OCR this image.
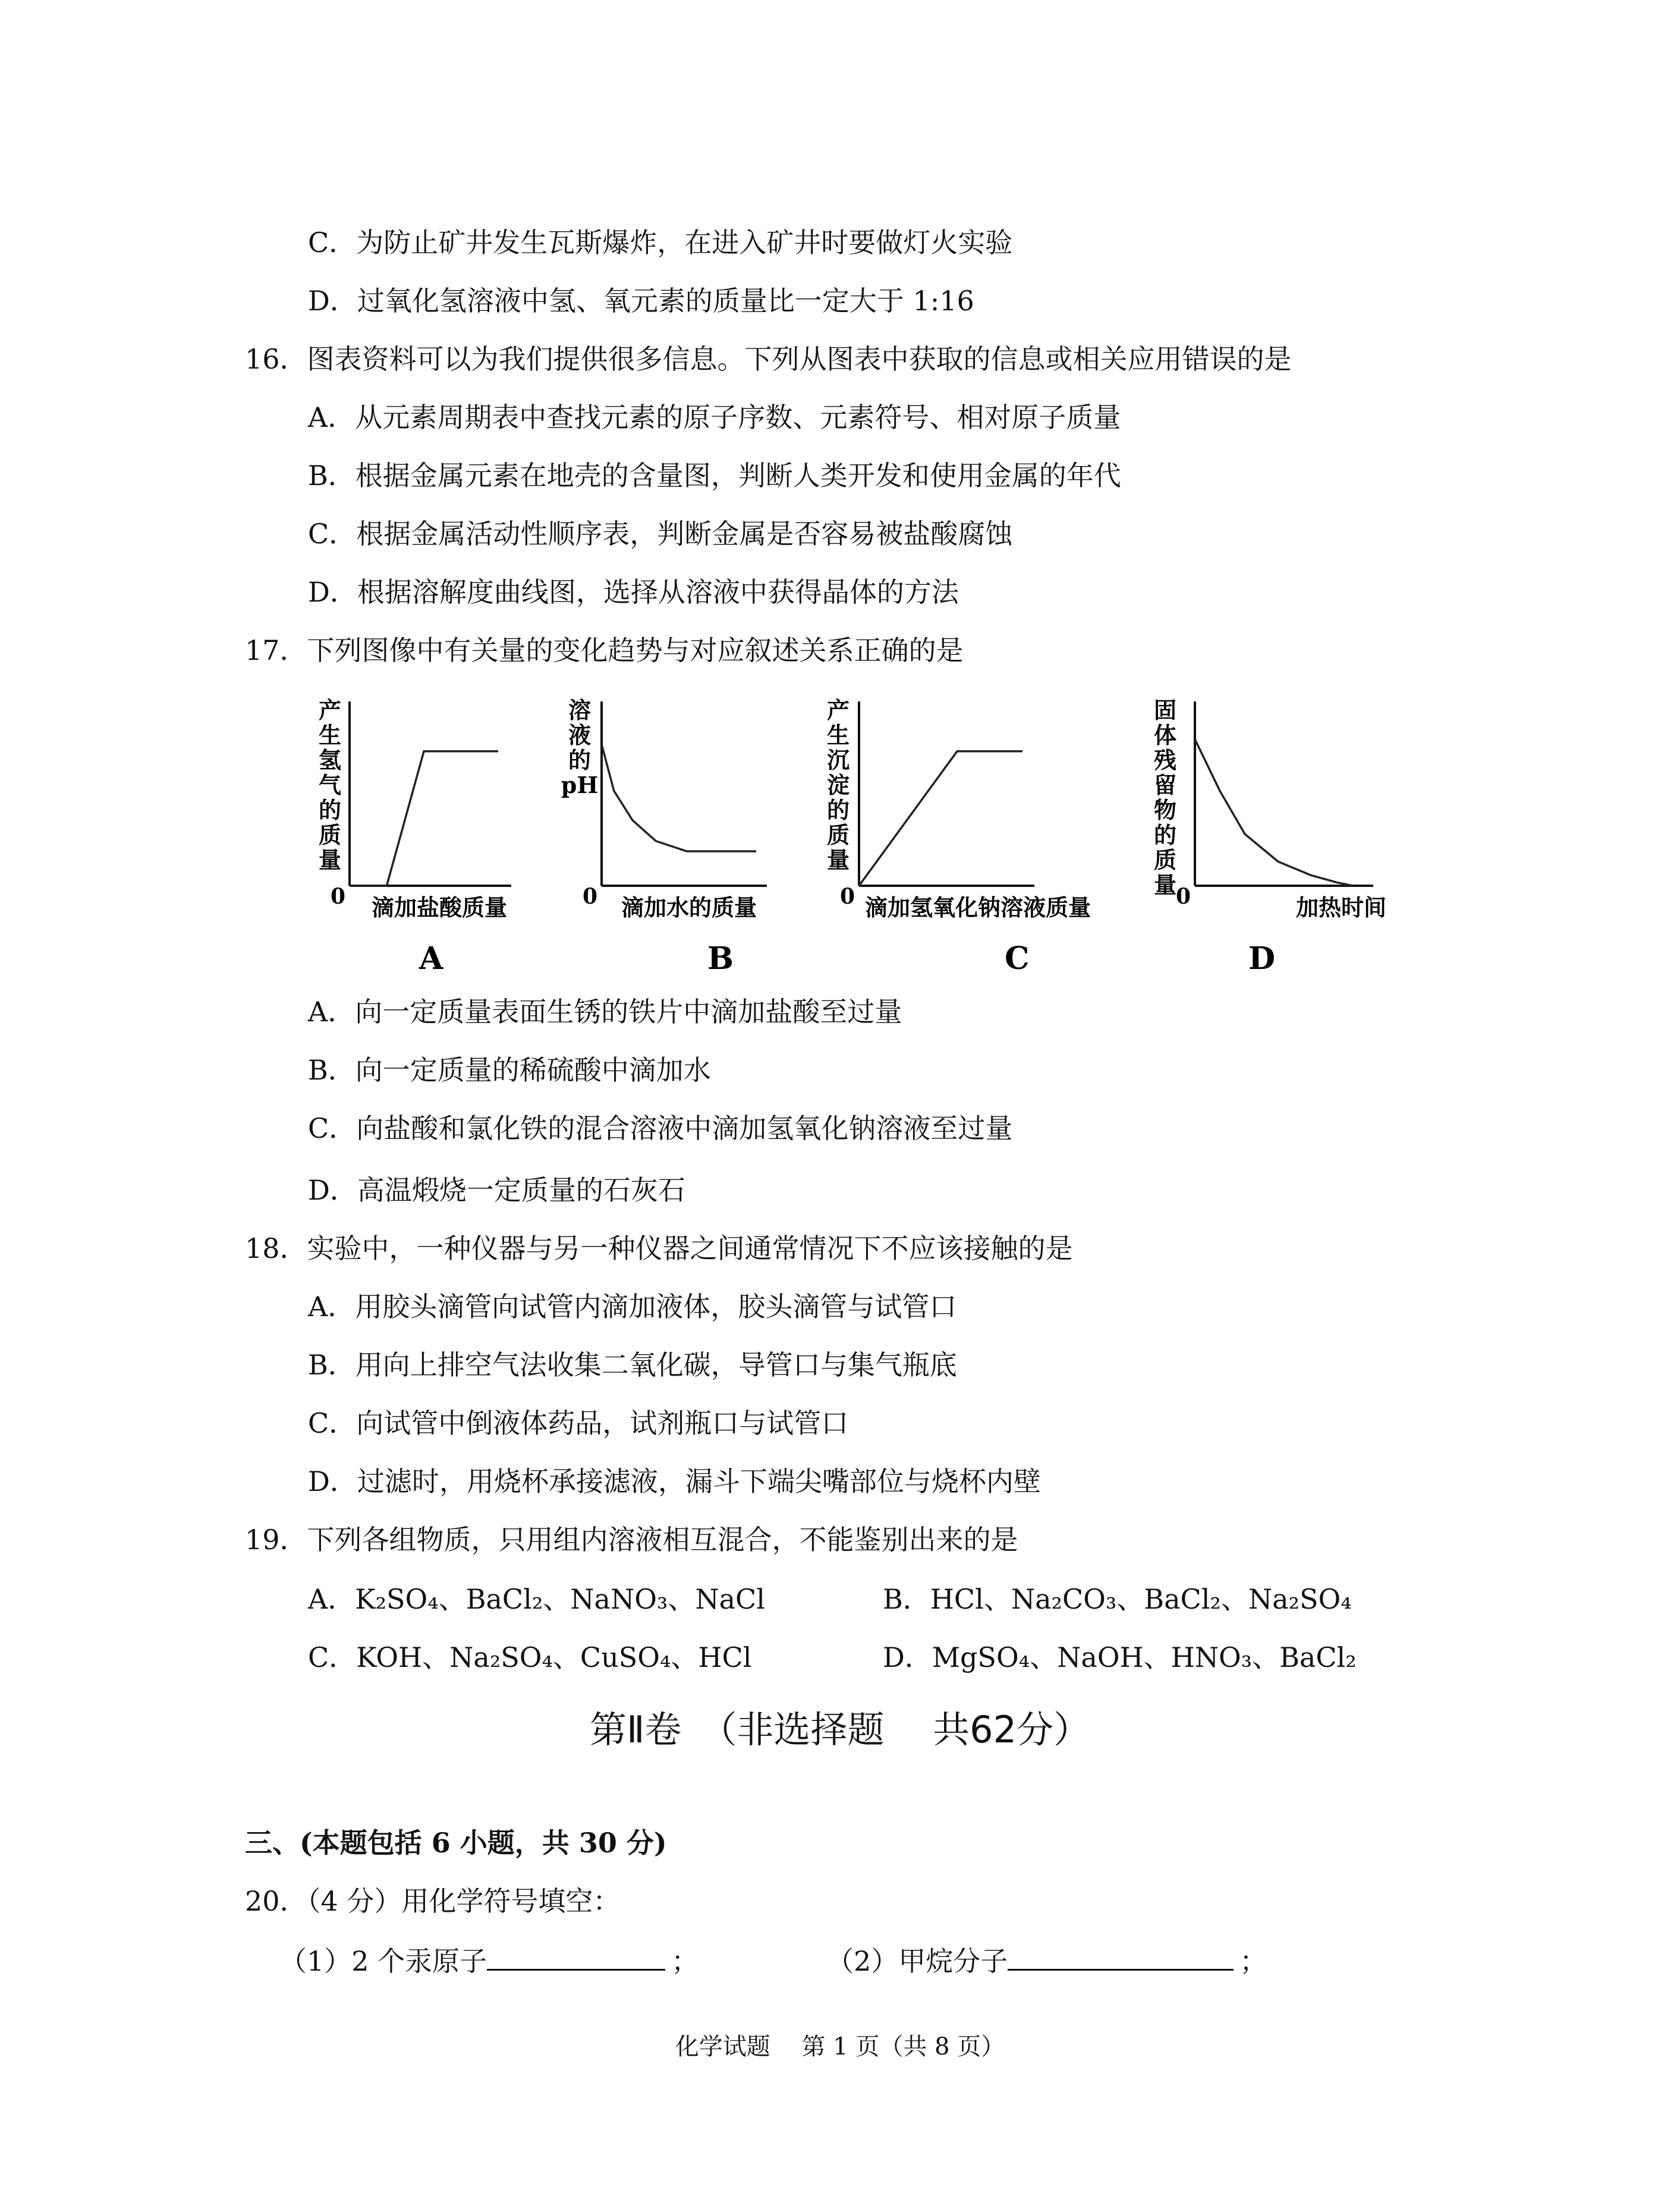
C．为防止矿井发生瓦斯爆炸，在进入矿井时要做灯火实验
D．过氧化氢溶液中氢、氧元素的质量比一定大于 1:16
16．图表资料可以为我们提供很多信息。下列从图表中获取的信息或相关应用错误的是
A．从元素周期表中查找元素的原子序数、元素符号、相对原子质量
B．根据金属元素在地壳的含量图，判断人类开发和使用金属的年代
C．根据金属活动性顺序表，判断金属是否容易被盐酸腐蚀
D．根据溶解度曲线图，选择从溶液中获得晶体的方法
17．下列图像中有关量的变化趋势与对应叙述关系正确的是
产
生
氢
气
的
质
量
0 滴加盐酸质量
A
溶
液
的
pH
0 滴加水的质量
B
产
生
沉
淀
的
质
量
0 滴加氢氧化钠溶液质量
C
固
体
残
留
物
的
质
量
0	加热时间
D
A．向一定质量表面生锈的铁片中滴加盐酸至过量
B．向一定质量的稀硫酸中滴加水
C．向盐酸和氯化铁的混合溶液中滴加氢氧化钠溶液至过量
D．高温煅烧一定质量的石灰石
18．实验中，一种仪器与另一种仪器之间通常情况下不应该接触的是
A．用胶头滴管向试管内滴加液体，胶头滴管与试管口
B．用向上排空气法收集二氧化碳，导管口与集气瓶底
C．向试管中倒液体药品，试剂瓶口与试管口
D．过滤时，用烧杯承接滤液，漏斗下端尖嘴部位与烧杯内壁
19．下列各组物质，只用组内溶液相互混合，不能鉴别出来的是
A．K₂SO₄、BaCl₂、NaNO₃、NaCl	B．HCl、Na₂CO₃、BaCl₂、Na₂SO₄
C．KOH、Na₂SO₄、CuSO₄、HCl	D．MgSO₄、NaOH、HNO₃、BaCl₂
第Ⅱ卷　（非选择题　 共62分）
三、(本题包括 6 小题，共 30 分)
20．（4 分）用化学符号填空：
（1）2 个汞原子	；	（2）甲烷分子	；
化学试题　 第 1 页（共 8 页）
